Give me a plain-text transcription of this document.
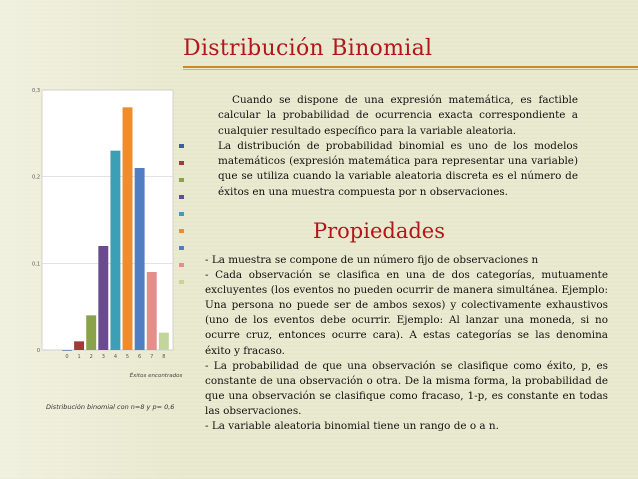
0
0,1
0,2
0,3
0 1 2 3 4 5 6 7 8
Éxitos encontrados
Distribución binomial con n=8 y p= 0,6
Distribución Binomial

Cuando se dispone de una expresión matemática, es factible calcular la probabilidad de ocurrencia exacta correspondiente a cualquier resultado específico para la variable aleatoria.

La distribución de probabilidad binomial es uno de los modelos matemáticos (expresión matemática para representar una variable) que se utiliza cuando la variable aleatoria discreta es el número de éxitos en una muestra compuesta por n observaciones.

Propiedades

- La muestra se compone de un número fijo de observaciones n

- Cada observación se clasifica en una de dos categorías, mutuamente excluyentes (los eventos no pueden ocurrir de manera simultánea. Ejemplo: Una persona no puede ser de ambos sexos) y colectivamente exhaustivos (uno de los eventos debe ocurrir. Ejemplo: Al lanzar una moneda, si no ocurre cruz, entonces ocurre cara). A estas categorías se las denomina éxito y fracaso.

- La probabilidad de que una observación se clasifique como éxito, p, es constante de una observación o otra. De la misma forma, la probabilidad de que una observación se clasifique como fracaso, 1-p, es constante en todas las observaciones.

- La variable aleatoria binomial tiene un rango de o a n.
